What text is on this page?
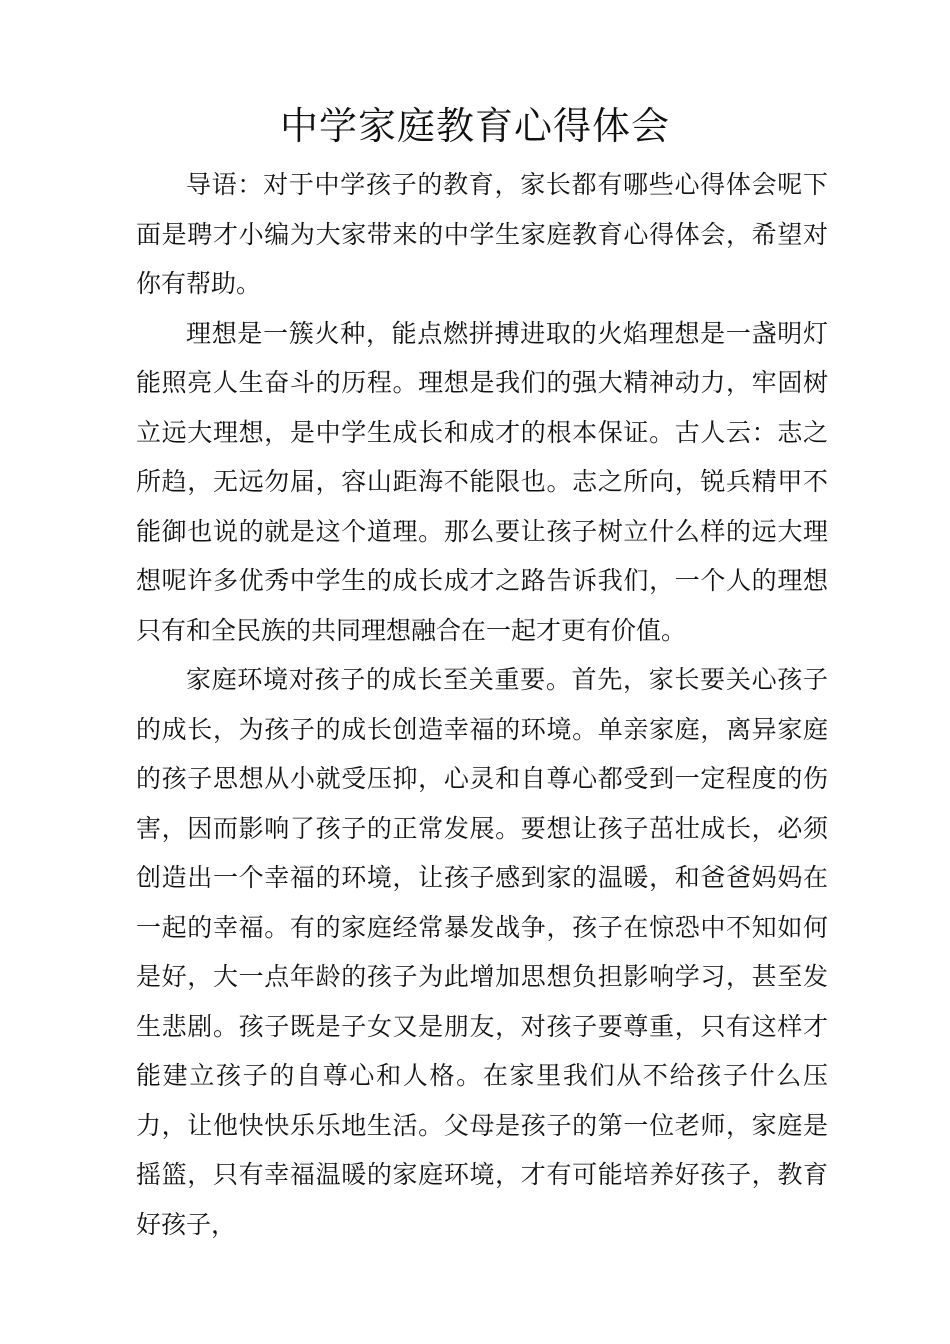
中学家庭教育心得体会

导语：对于中学孩子的教育，家长都有哪些心得体会呢下面是聘才小编为大家带来的中学生家庭教育心得体会，希望对你有帮助。

理想是一簇火种，能点燃拼搏进取的火焰理想是一盏明灯能照亮人生奋斗的历程。理想是我们的强大精神动力，牢固树立远大理想，是中学生成长和成才的根本保证。古人云：志之所趋，无远勿届，容山距海不能限也。志之所向，锐兵精甲不能御也说的就是这个道理。那么要让孩子树立什么样的远大理想呢许多优秀中学生的成长成才之路告诉我们，一个人的理想只有和全民族的共同理想融合在一起才更有价值。

家庭环境对孩子的成长至关重要。首先，家长要关心孩子的成长，为孩子的成长创造幸福的环境。单亲家庭，离异家庭的孩子思想从小就受压抑，心灵和自尊心都受到一定程度的伤害，因而影响了孩子的正常发展。要想让孩子茁壮成长，必须创造出一个幸福的环境，让孩子感到家的温暖，和爸爸妈妈在一起的幸福。有的家庭经常暴发战争，孩子在惊恐中不知如何是好，大一点年龄的孩子为此增加思想负担影响学习，甚至发生悲剧。孩子既是子女又是朋友，对孩子要尊重，只有这样才能建立孩子的自尊心和人格。在家里我们从不给孩子什么压力，让他快快乐乐地生活。父母是孩子的第一位老师，家庭是摇篮，只有幸福温暖的家庭环境，才有可能培养好孩子，教育好孩子，
